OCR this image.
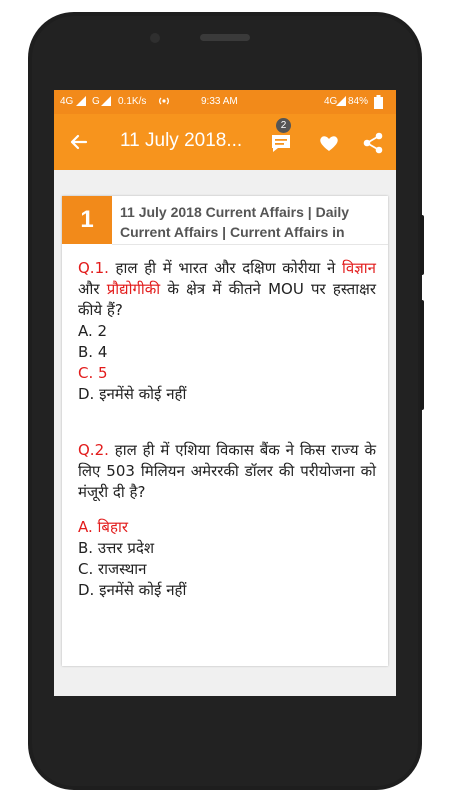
4G G 0.1K/s	9:33 AM	4G 84%
11 July 2018...
2
1	11 July 2018 Current Affairs | Daily
Current Affairs | Current Affairs in
Q.1. हाल ही में भारत और दक्षिण कोरीया ने विज्ञान और प्रौद्योगीकी के क्षेत्र में कीतने MOU पर हस्ताक्षर कीये हैं?
A. 2
B. 4
C. 5
D. इनमेंसे कोई नहीं
Q.2. हाल ही में एशिया विकास बैंक ने किस राज्य के लिए 503 मिलियन अमेररकी डॉलर की परीयोजना को मंजूरी दी है?
A. बिहार
B. उत्तर प्रदेश
C. राजस्थान
D. इनमेंसे कोई नहीं
